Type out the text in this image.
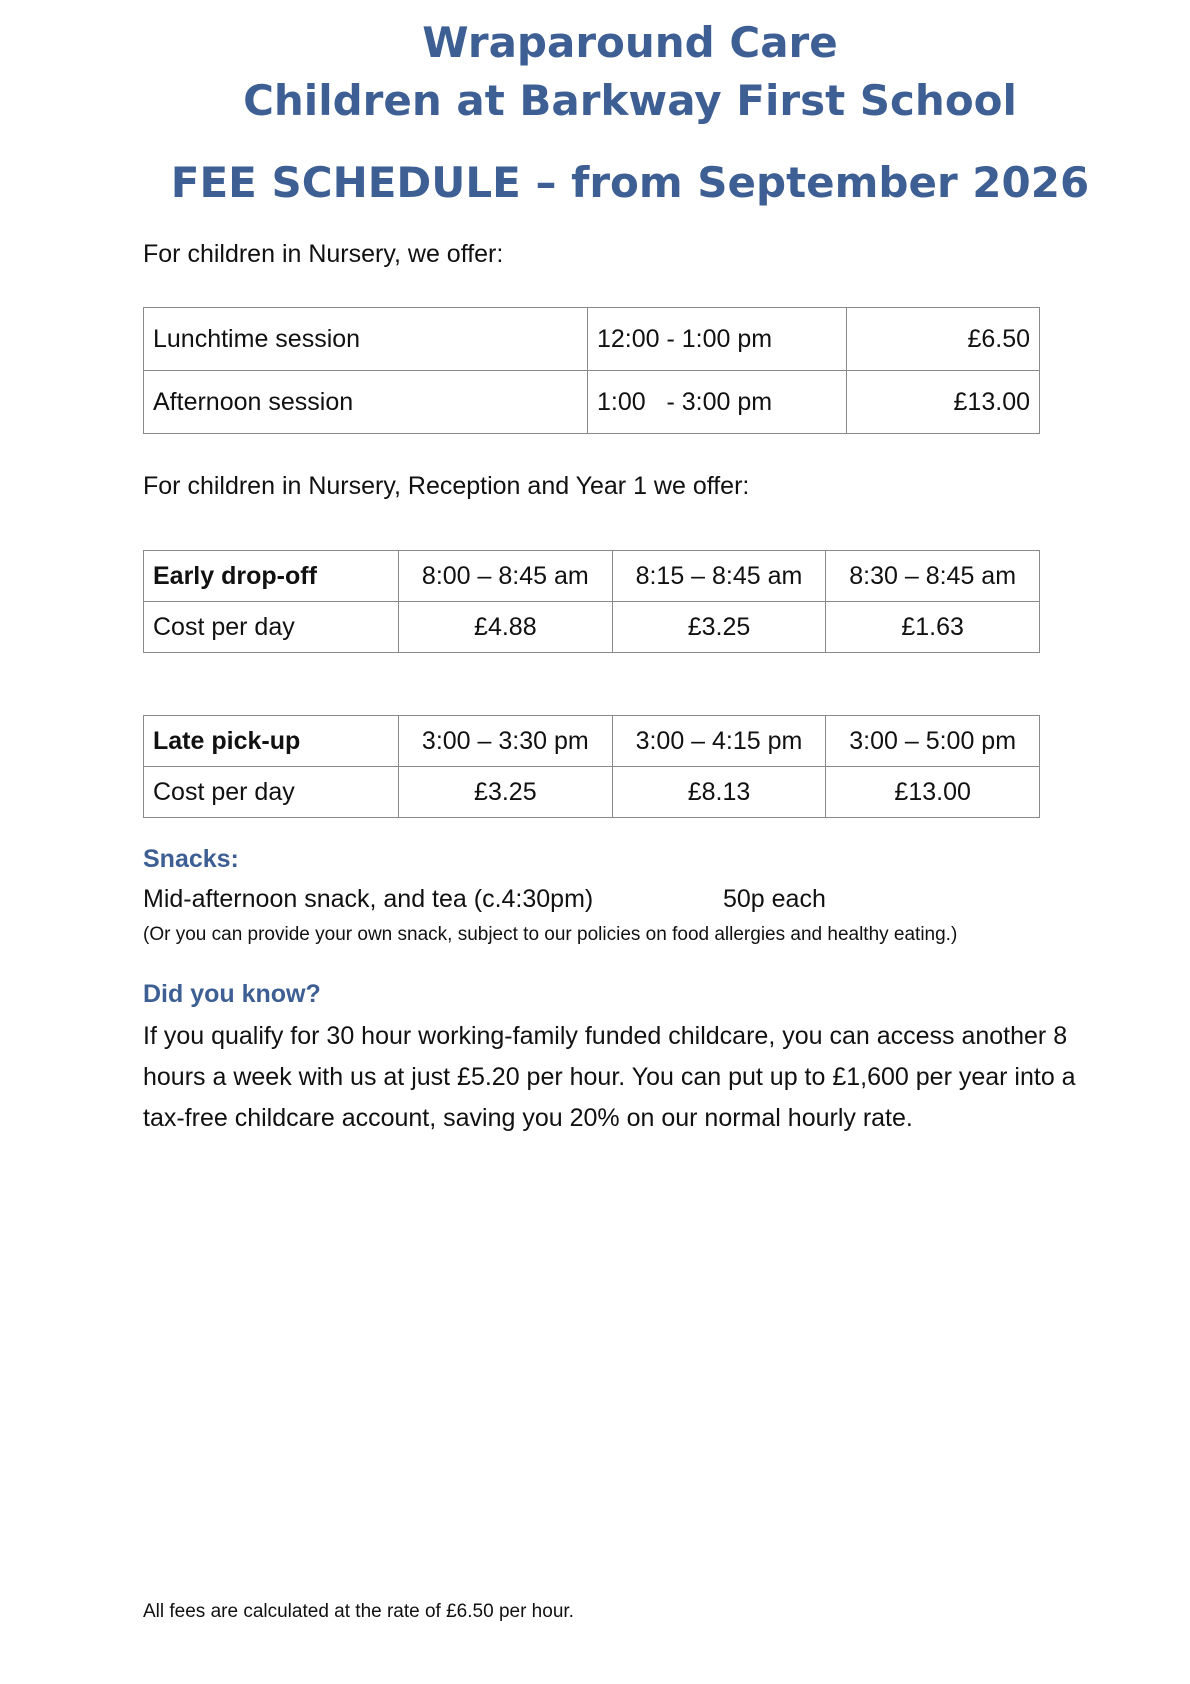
Wraparound Care

Children at Barkway First School

FEE SCHEDULE – from September 2026

For children in Nursery, we offer:

Lunchtime session	12:00 - 1:00 pm	£6.50
Afternoon session	1:00   - 3:00 pm	£13.00

For children in Nursery, Reception and Year 1 we offer:

Early drop-off	8:00 – 8:45 am	8:15 – 8:45 am	8:30 – 8:45 am
Cost per day	£4.88	£3.25	£1.63
Late pick-up	3:00 – 3:30 pm	3:00 – 4:15 pm	3:00 – 5:00 pm
Cost per day	£3.25	£8.13	£13.00

Snacks:

Mid-afternoon snack, and tea (c.4:30pm)	50p each
(Or you can provide your own snack, subject to our policies on food allergies and healthy eating.)

Did you know?

If you qualify for 30 hour working-family funded childcare, you can access another 8 hours a week with us at just £5.20 per hour. You can put up to £1,600 per year into a tax-free childcare account, saving you 20% on our normal hourly rate.

All fees are calculated at the rate of £6.50 per hour.
